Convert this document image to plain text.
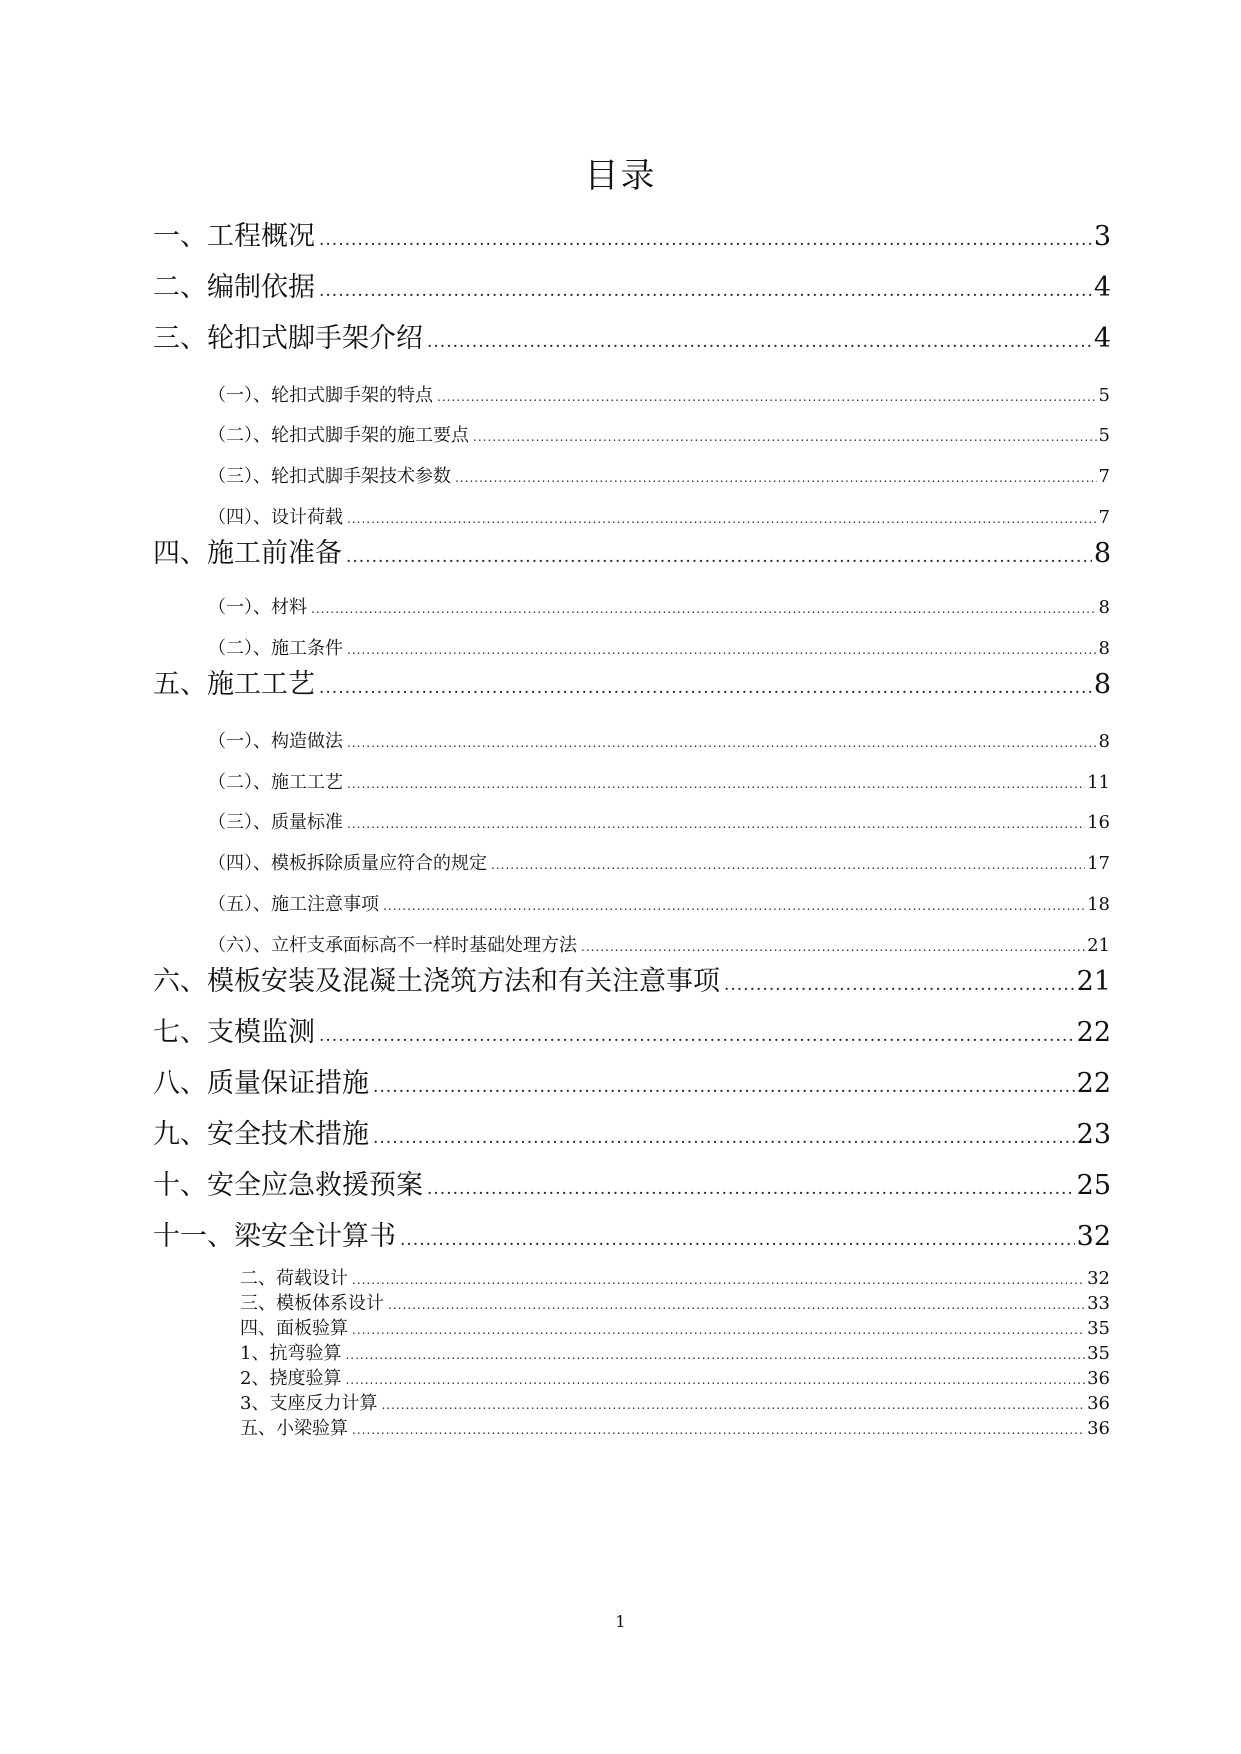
目录
一、工程概况 .....	3
二、编制依据 .....	4
三、轮扣式脚手架介绍 .....	4
（一）、轮扣式脚手架的特点 .....	5
（二）、轮扣式脚手架的施工要点 .....	5
（三）、轮扣式脚手架技术参数 .....	7
（四）、设计荷载 .....	7
四、施工前准备 .....	8
（一）、材料 .....	8
（二）、施工条件 .....	8
五、施工工艺 .....	8
（一）、构造做法 .....	8
（二）、施工工艺 .....	11
（三）、质量标准 .....	16
（四）、模板拆除质量应符合的规定 .....	17
（五）、施工注意事项 .....	18
（六）、立杆支承面标高不一样时基础处理方法 .....	21
六、模板安装及混凝土浇筑方法和有关注意事项 .....	21
七、支模监测 .....	22
八、质量保证措施 .....	22
九、安全技术措施 .....	23
十、安全应急救援预案 .....	25
十一、梁安全计算书 .....	32
二、荷载设计 .....	32
三、模板体系设计 .....	33
四、面板验算 .....	35
1、抗弯验算 .....	35
2、挠度验算 .....	36
3、支座反力计算 .....	36
五、小梁验算 .....	36
1
